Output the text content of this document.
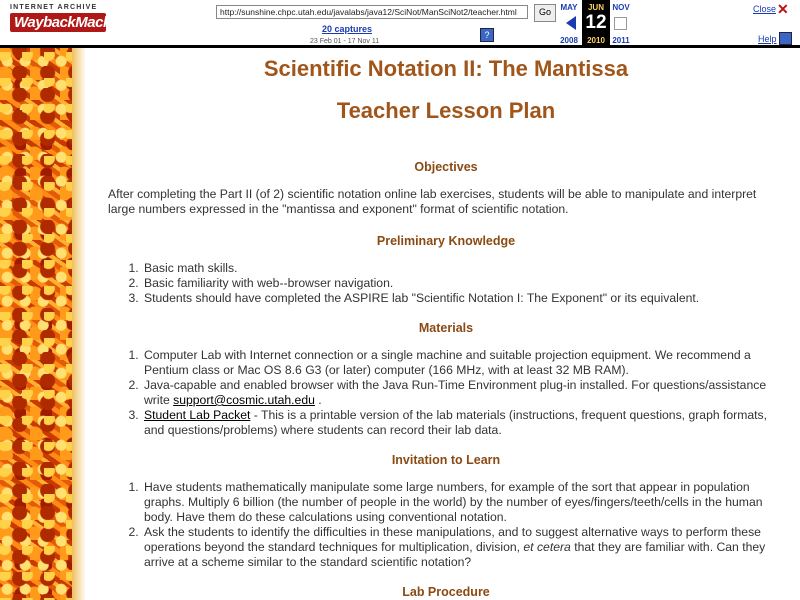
INTERNET ARCHIVE
WaybackMachine
http://sunshine.chpc.utah.edu/javalabs/java12/SciNot/ManSciNot2/teacher.html
Go
20 captures
23 Feb 01 - 17 Nov 11
?
MAY	JUN
12
2010
NOV
2008	2011
Close ✕
Help
Scientific Notation II: The Mantissa
Teacher Lesson Plan
Objectives

After completing the Part II (of 2) scientific notation online lab exercises, students will be able to manipulate and interpret large numbers expressed in the "mantissa and exponent" format of scientific notation.

Preliminary Knowledge
1. Basic math skills.
2. Basic familiarity with web--browser navigation.
3. Students should have completed the ASPIRE lab "Scientific Notation I: The Exponent" or its equivalent.
Materials
1. Computer Lab with Internet connection or a single machine and suitable projection equipment. We recommend a Pentium class or Mac OS 8.6 G3 (or later) computer (166 MHz, with at least 32 MB RAM).
2. Java-capable and enabled browser with the Java Run-Time Environment plug-in installed. For questions/assistance write support@cosmic.utah.edu .
3. Student Lab Packet - This is a printable version of the lab materials (instructions, frequent questions, graph formats, and questions/problems) where students can record their lab data.
Invitation to Learn
1. Have students mathematically manipulate some large numbers, for example of the sort that appear in population graphs. Multiply 6 billion (the number of people in the world) by the number of eyes/fingers/teeth/cells in the human body. Have them do these calculations using conventional notation.
2. Ask the students to identify the difficulties in these manipulations, and to suggest alternative ways to perform these operations beyond the standard techniques for multiplication, division, et cetera that they are familiar with. Can they arrive at a scheme similar to the standard scientific notation?
Lab Procedure
